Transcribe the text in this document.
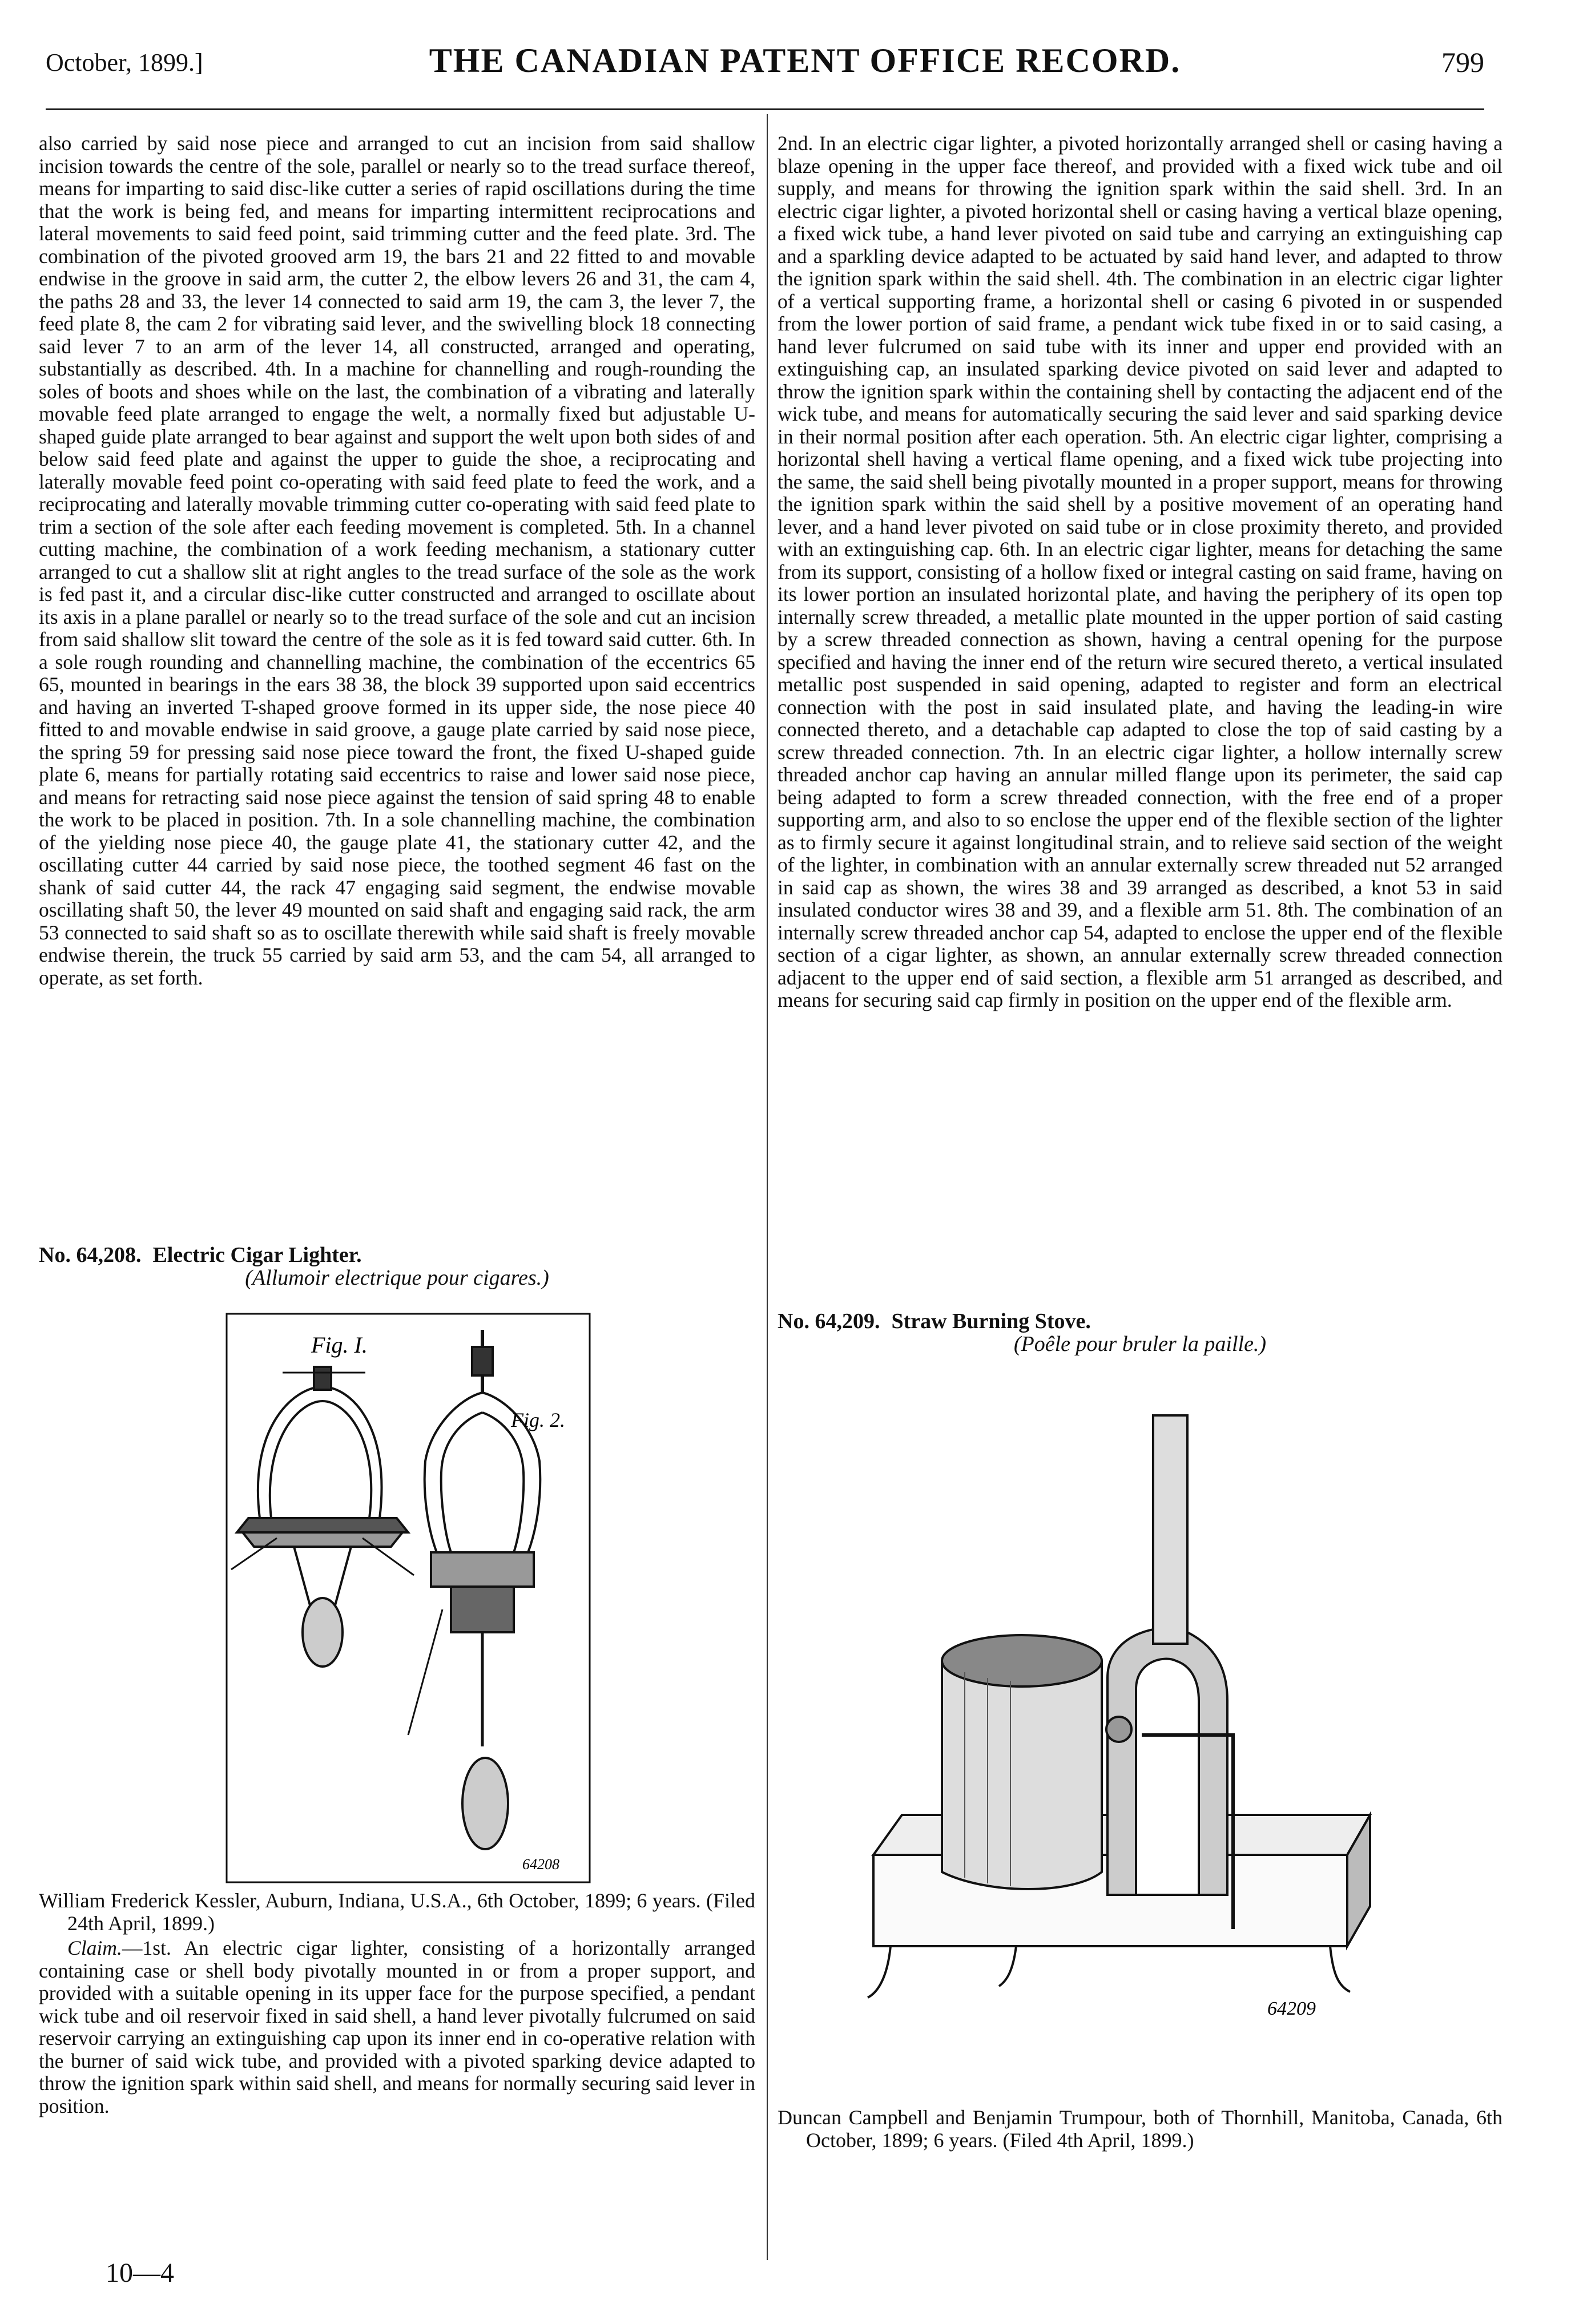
October, 1899.]	THE CANADIAN PATENT OFFICE RECORD.	799

also carried by said nose piece and arranged to cut an incision from said shallow incision towards the centre of the sole, parallel or nearly so to the tread surface thereof, means for imparting to said disc-like cutter a series of rapid oscillations during the time that the work is being fed, and means for imparting intermittent reciprocations and lateral movements to said feed point, said trimming cutter and the feed plate. 3rd. The combination of the pivoted grooved arm 19, the bars 21 and 22 fitted to and movable endwise in the groove in said arm, the cutter 2, the elbow levers 26 and 31, the cam 4, the paths 28 and 33, the lever 14 connected to said arm 19, the cam 3, the lever 7, the feed plate 8, the cam 2 for vibrating said lever, and the swivelling block 18 connecting said lever 7 to an arm of the lever 14, all constructed, arranged and operating, substantially as described. 4th. In a machine for channelling and rough-rounding the soles of boots and shoes while on the last, the combination of a vibrating and laterally movable feed plate arranged to engage the welt, a normally fixed but adjustable U-shaped guide plate arranged to bear against and support the welt upon both sides of and below said feed plate and against the upper to guide the shoe, a reciprocating and laterally movable feed point co-operating with said feed plate to feed the work, and a reciprocating and laterally movable trimming cutter co-operating with said feed plate to trim a section of the sole after each feeding movement is completed. 5th. In a channel cutting machine, the combination of a work feeding mechanism, a stationary cutter arranged to cut a shallow slit at right angles to the tread surface of the sole as the work is fed past it, and a circular disc-like cutter constructed and arranged to oscillate about its axis in a plane parallel or nearly so to the tread surface of the sole and cut an incision from said shallow slit toward the centre of the sole as it is fed toward said cutter. 6th. In a sole rough rounding and channelling machine, the combination of the eccentrics 65 65, mounted in bearings in the ears 38 38, the block 39 supported upon said eccentrics and having an inverted T-shaped groove formed in its upper side, the nose piece 40 fitted to and movable endwise in said groove, a gauge plate carried by said nose piece, the spring 59 for pressing said nose piece toward the front, the fixed U-shaped guide plate 6, means for partially rotating said eccentrics to raise and lower said nose piece, and means for retracting said nose piece against the tension of said spring 48 to enable the work to be placed in position. 7th. In a sole channelling machine, the combination of the yielding nose piece 40, the gauge plate 41, the stationary cutter 42, and the oscillating cutter 44 carried by said nose piece, the toothed segment 46 fast on the shank of said cutter 44, the rack 47 engaging said segment, the endwise movable oscillating shaft 50, the lever 49 mounted on said shaft and engaging said rack, the arm 53 connected to said shaft so as to oscillate therewith while said shaft is freely movable endwise therein, the truck 55 carried by said arm 53, and the cam 54, all arranged to operate, as set forth.

No. 64,208. Electric Cigar Lighter.

(Allumoir electrique pour cigares.)

Fig. I.
Fig. 2.
64208

William Frederick Kessler, Auburn, Indiana, U.S.A., 6th October, 1899; 6 years. (Filed 24th April, 1899.)

Claim.—1st. An electric cigar lighter, consisting of a horizontally arranged containing case or shell body pivotally mounted in or from a proper support, and provided with a suitable opening in its upper face for the purpose specified, a pendant wick tube and oil reservoir fixed in said shell, a hand lever pivotally fulcrumed on said reservoir carrying an extinguishing cap upon its inner end in co-operative relation with the burner of said wick tube, and provided with a pivoted sparking device adapted to throw the ignition spark within said shell, and means for normally securing said lever in position.

10—4

2nd. In an electric cigar lighter, a pivoted horizontally arranged shell or casing having a blaze opening in the upper face thereof, and provided with a fixed wick tube and oil supply, and means for throwing the ignition spark within the said shell. 3rd. In an electric cigar lighter, a pivoted horizontal shell or casing having a vertical blaze opening, a fixed wick tube, a hand lever pivoted on said tube and carrying an extinguishing cap and a sparkling device adapted to be actuated by said hand lever, and adapted to throw the ignition spark within the said shell. 4th. The combination in an electric cigar lighter of a vertical supporting frame, a horizontal shell or casing 6 pivoted in or suspended from the lower portion of said frame, a pendant wick tube fixed in or to said casing, a hand lever fulcrumed on said tube with its inner and upper end provided with an extinguishing cap, an insulated sparking device pivoted on said lever and adapted to throw the ignition spark within the containing shell by contacting the adjacent end of the wick tube, and means for automatically securing the said lever and said sparking device in their normal position after each operation. 5th. An electric cigar lighter, comprising a horizontal shell having a vertical flame opening, and a fixed wick tube projecting into the same, the said shell being pivotally mounted in a proper support, means for throwing the ignition spark within the said shell by a positive movement of an operating hand lever, and a hand lever pivoted on said tube or in close proximity thereto, and provided with an extinguishing cap. 6th. In an electric cigar lighter, means for detaching the same from its support, consisting of a hollow fixed or integral casting on said frame, having on its lower portion an insulated horizontal plate, and having the periphery of its open top internally screw threaded, a metallic plate mounted in the upper portion of said casting by a screw threaded connection as shown, having a central opening for the purpose specified and having the inner end of the return wire secured thereto, a vertical insulated metallic post suspended in said opening, adapted to register and form an electrical connection with the post in said insulated plate, and having the leading-in wire connected thereto, and a detachable cap adapted to close the top of said casting by a screw threaded connection. 7th. In an electric cigar lighter, a hollow internally screw threaded anchor cap having an annular milled flange upon its perimeter, the said cap being adapted to form a screw threaded connection, with the free end of a proper supporting arm, and also to so enclose the upper end of the flexible section of the lighter as to firmly secure it against longitudinal strain, and to relieve said section of the weight of the lighter, in combination with an annular externally screw threaded nut 52 arranged in said cap as shown, the wires 38 and 39 arranged as described, a knot 53 in said insulated conductor wires 38 and 39, and a flexible arm 51. 8th. The combination of an internally screw threaded anchor cap 54, adapted to enclose the upper end of the flexible section of a cigar lighter, as shown, an annular externally screw threaded connection adjacent to the upper end of said section, a flexible arm 51 arranged as described, and means for securing said cap firmly in position on the upper end of the flexible arm.

No. 64,209. Straw Burning Stove.

(Poêle pour bruler la paille.)

64209

Duncan Campbell and Benjamin Trumpour, both of Thornhill, Manitoba, Canada, 6th October, 1899; 6 years. (Filed 4th April, 1899.)
